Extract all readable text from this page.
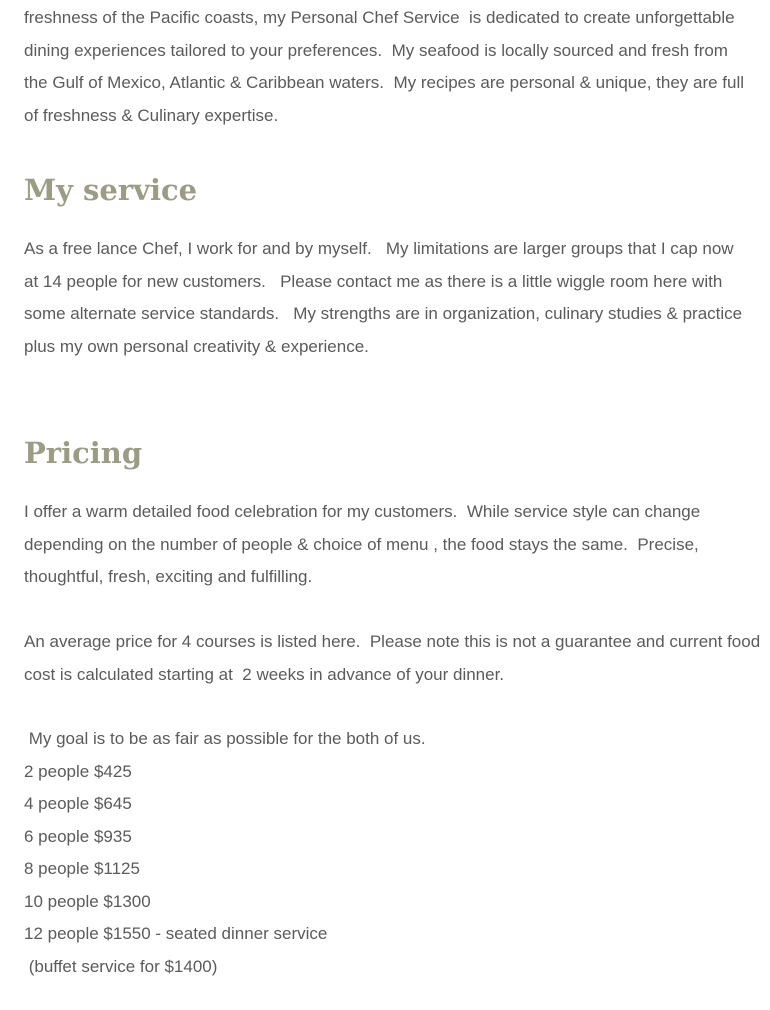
freshness of the Pacific coasts, my Personal Chef Service  is dedicated to create unforgettable
dining experiences tailored to your preferences.  My seafood is locally sourced and fresh from
the Gulf of Mexico, Atlantic & Caribbean waters.  My recipes are personal & unique, they are full
of freshness & Culinary expertise.
My service
As a free lance Chef, I work for and by myself.   My limitations are larger groups that I cap now
at 14 people for new customers.   Please contact me as there is a little wiggle room here with
some alternate service standards.   My strengths are in organization, culinary studies & practice
plus my own personal creativity & experience.
Pricing
I offer a warm detailed food celebration for my customers.  While service style can change
depending on the number of people & choice of menu , the food stays the same.  Precise,
thoughtful, fresh, exciting and fulfilling.
An average price for 4 courses is listed here.  Please note this is not a guarantee and current food
cost is calculated starting at  2 weeks in advance of your dinner.
My goal is to be as fair as possible for the both of us.
2 people $425
4 people $645
6 people $935
8 people $1125
10 people $1300
12 people $1550 - seated dinner service
(buffet service for $1400)
